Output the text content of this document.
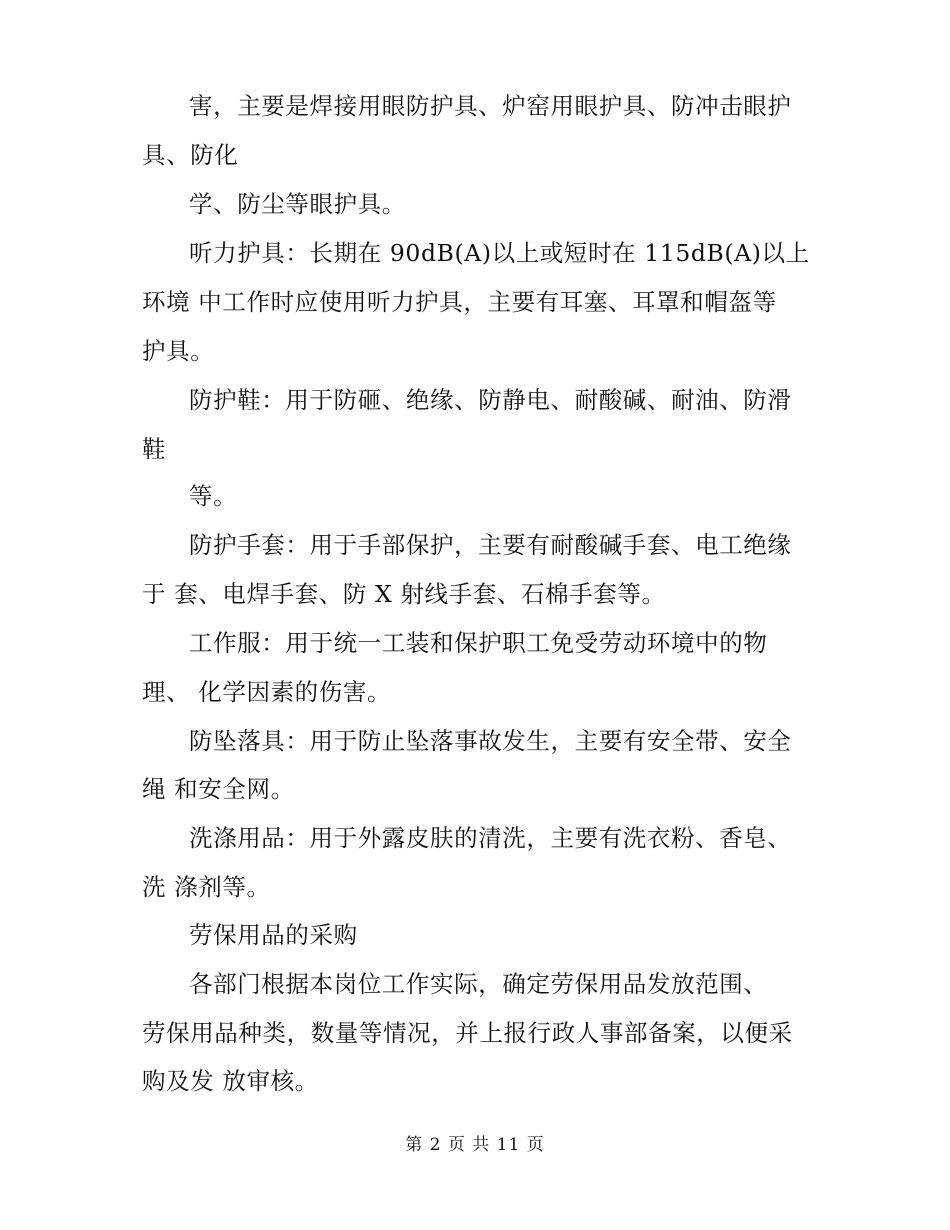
害，主要是焊接用眼防护具、炉窑用眼护具、防冲击眼护
具、防化
学、防尘等眼护具。
听力护具：长期在 90dB(A)以上或短时在 115dB(A)以上
环境 中工作时应使用听力护具，主要有耳塞、耳罩和帽盔等
护具。
防护鞋：用于防砸、绝缘、防静电、耐酸碱、耐油、防滑
鞋
等。
防护手套：用于手部保护，主要有耐酸碱手套、电工绝缘
于 套、电焊手套、防 X 射线手套、石棉手套等。
工作服：用于统一工装和保护职工免受劳动环境中的物
理、 化学因素的伤害。
防坠落具：用于防止坠落事故发生，主要有安全带、安全
绳 和安全网。
洗涤用品：用于外露皮肤的清洗，主要有洗衣粉、香皂、
洗 涤剂等。
劳保用品的采购
各部门根据本岗位工作实际，确定劳保用品发放范围、
劳保用品种类，数量等情况，并上报行政人事部备案，以便采
购及发 放审核。
第 2 页 共 11 页
